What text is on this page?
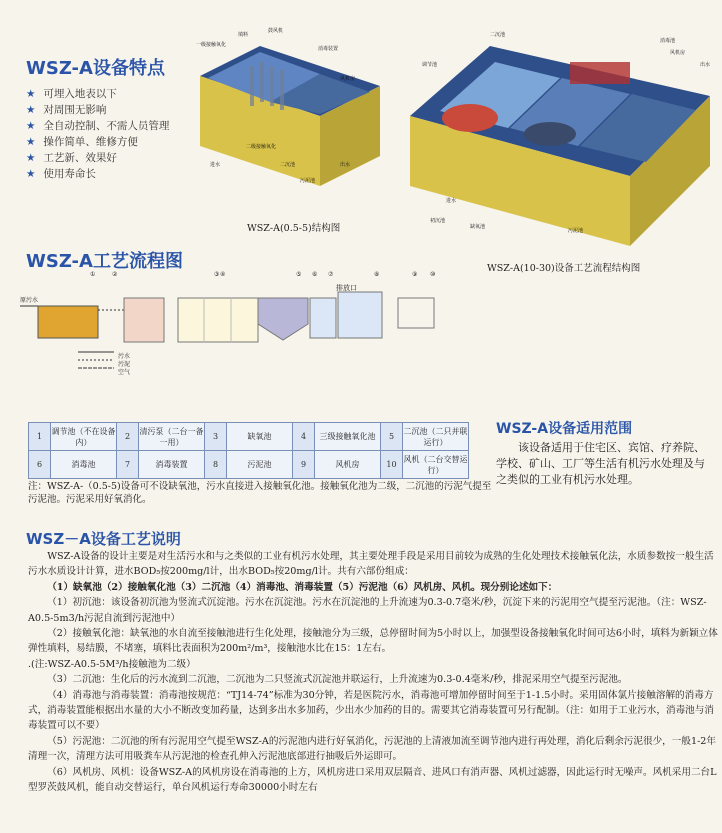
WSZ-A设备特点
★ 可埋入地表以下
★ 对周围无影响
★ 全自动控制、不需人员管理
★ 操作简单、维修方便
★ 工艺新、效果好
★ 使用寿命长
一级接触氧化
填料
鼓风机
消毒装置
风机房
二级接触氧化
二沉池	出水
污泥池
进水
WSZ-A(0.5-5)结构图
消毒池
出水
风机房
二沉池
调节池
进水
缺氧池
污泥池
初沉池
WSZ-A(10-30)设备工艺流程结构图
WSZ-A工艺流程图
①	②	③ ④	⑤ ⑥ ⑦	⑧	⑨ ⑩
原污水
排放口
污水
污泥
空气
1	调节池（不在设备内）	2	清污泵（二台一备一用）	3	缺氧池	4	三级接触氧化池	5	二沉池（二只并联运行）
6	消毒池	7	消毒装置	8	污泥池	9	风机房	10	风机（二台交替运行）
注：WSZ-A-（0.5-5)设备可不设缺氧池，污水直接进入接触氧化池。接触氧化池为二级，二沉池的污泥气提至污泥池。污泥采用好氧消化。
WSZ-A设备适用范围
该设备适用于住宅区、宾馆、疗养院、学校、矿山、工厂等生活有机污水处理及与之类似的工业有机污水处理。
WSZ－A设备工艺说明

WSZ-A设备的设计主要是对生活污水和与之类似的工业有机污水处理，其主要处理手段是采用目前较为成熟的生化处理技术接触氧化法，水质参数按一般生活污水水质设计计算，进水BOD₅按200mg/l计，出水BOD₅按20mg/l计。共有六部份组成：

（1）缺氧池（2）接触氧化池（3）二沉池（4）消毒池、消毒装置（5）污泥池（6）风机房、风机。现分别论述如下：

（1）初沉池：该设备初沉池为竖流式沉淀池。污水在沉淀池。污水在沉淀池的上升流速为0.3-0.7毫米/秒，沉淀下来的污泥用空气提至污泥池。（注：WSZ-A0.5-5m3/h污泥自流到污泥池中）

（2）接触氧化池：缺氧池的水自流至接触池进行生化处理，接触池分为三级，总停留时间为5小时以上，加强型设备接触氧化时间可达6小时，填料为新颖立体弹性填料，易结膜，不堵塞，填料比表面积为200m²/m³，接触池水比在15：1左右。

.(注:WSZ-A0.5-5M³/h接触池为二级）

（3）二沉池：生化后的污水流到二沉池，二沉池为二只竖流式沉淀池并联运行，上升流速为0.3-0.4毫米/秒，排泥采用空气提至污泥池。

（4）消毒池与消毒装置：消毒池按规范：“TJ14-74”标准为30分钟，若是医院污水，消毒池可增加停留时间至于1-1.5小时。采用固体氯片接触溶解的消毒方式，消毒装置能根据出水量的大小不断改变加药量，达到多出水多加药，少出水少加药的目的。需要其它消毒装置可另行配制。（注：如用于工业污水，消毒池与消毒装置可以不要）

（5）污泥池：二沉池的所有污泥用空气提至WSZ-A的污泥池内进行好氧消化，污泥池的上清液加流至调节池内进行再处理，消化后剩余污泥很少，一般1-2年清理一次，清理方法可用吸粪车从污泥池的检查孔伸入污泥池底部进行抽吸后外运即可。

（6）风机房、风机：设备WSZ-A的风机房设在消毒池的上方，风机房进口采用双层隔音、进风口有消声器、风机过滤器，因此运行时无噪声。风机采用二台L型罗茨鼓风机，能自动交替运行，单台风机运行寿命30000小时左右
